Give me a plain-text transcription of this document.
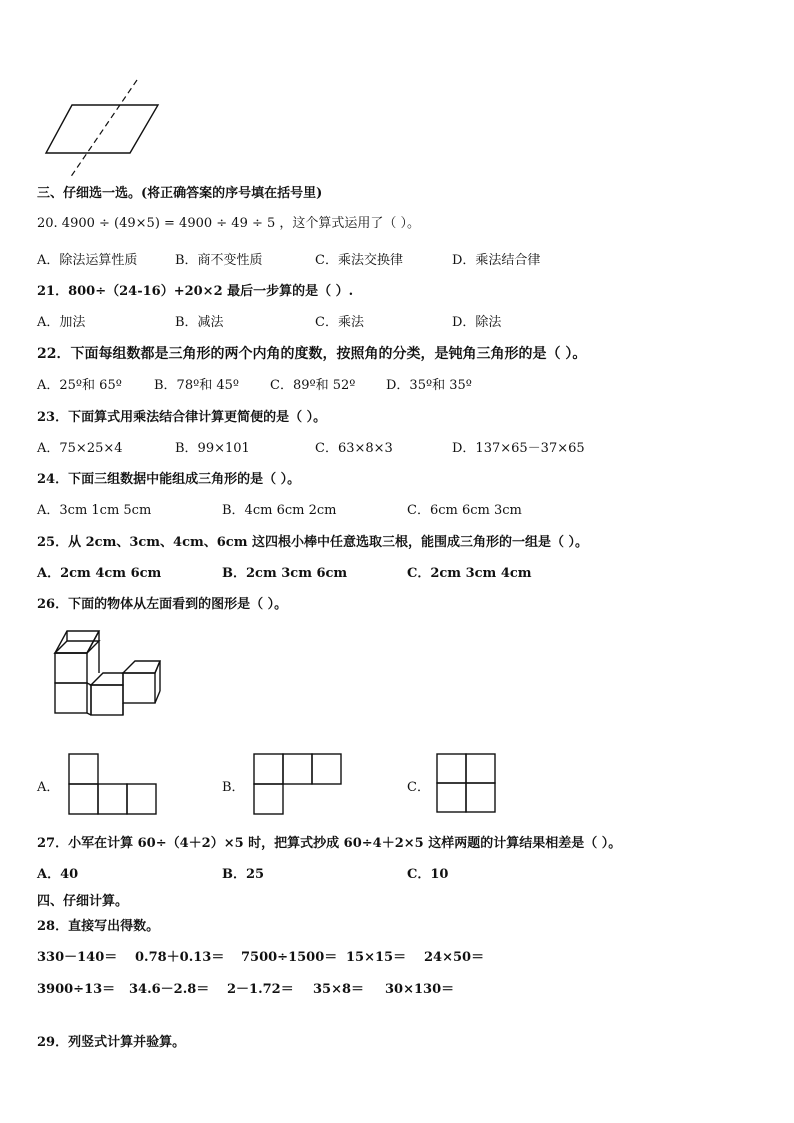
三、仔细选一选。(将正确答案的序号填在括号里)
20. 4900 ÷ (49×5) = 4900 ÷ 49 ÷ 5 ，这个算式运用了（ ）。
A．除法运算性质	B．商不变性质	C．乘法交换律	D．乘法结合律
21．800÷（24-16）+20×2 最后一步算的是（ ）.
A．加法	B．减法	C．乘法	D．除法
22．下面每组数都是三角形的两个内角的度数，按照角的分类，是钝角三角形的是（ ）。
A．25º和 65º B．78º和 45º C．89º和 52º D．35º和 35º
23．下面算式用乘法结合律计算更简便的是（ ）。
A．75×25×4	B．99×101	C．63×8×3	D．137×65－37×65
24．下面三组数据中能组成三角形的是（ ）。
A．3cm 1cm 5cm	B．4cm 6cm 2cm	C．6cm 6cm 3cm
25．从 2cm、3cm、4cm、6cm 这四根小棒中任意选取三根，能围成三角形的一组是（ ）。
A．2cm 4cm 6cm	B．2cm 3cm 6cm	C．2cm 3cm 4cm
26．下面的物体从左面看到的图形是（ ）。
A．	B．	C．
27．小军在计算 60÷（4＋2）×5 时，把算式抄成 60÷4＋2×5 这样两题的计算结果相差是（ ）。
A．40	B．25	C．10
四、仔细计算。
28．直接写出得数。
330－140＝ 0.78＋0.13＝ 7500÷1500＝ 15×15＝ 24×50＝
3900÷13＝ 34.6－2.8＝ 2－1.72＝ 35×8＝ 30×130＝
29．列竖式计算并验算。
